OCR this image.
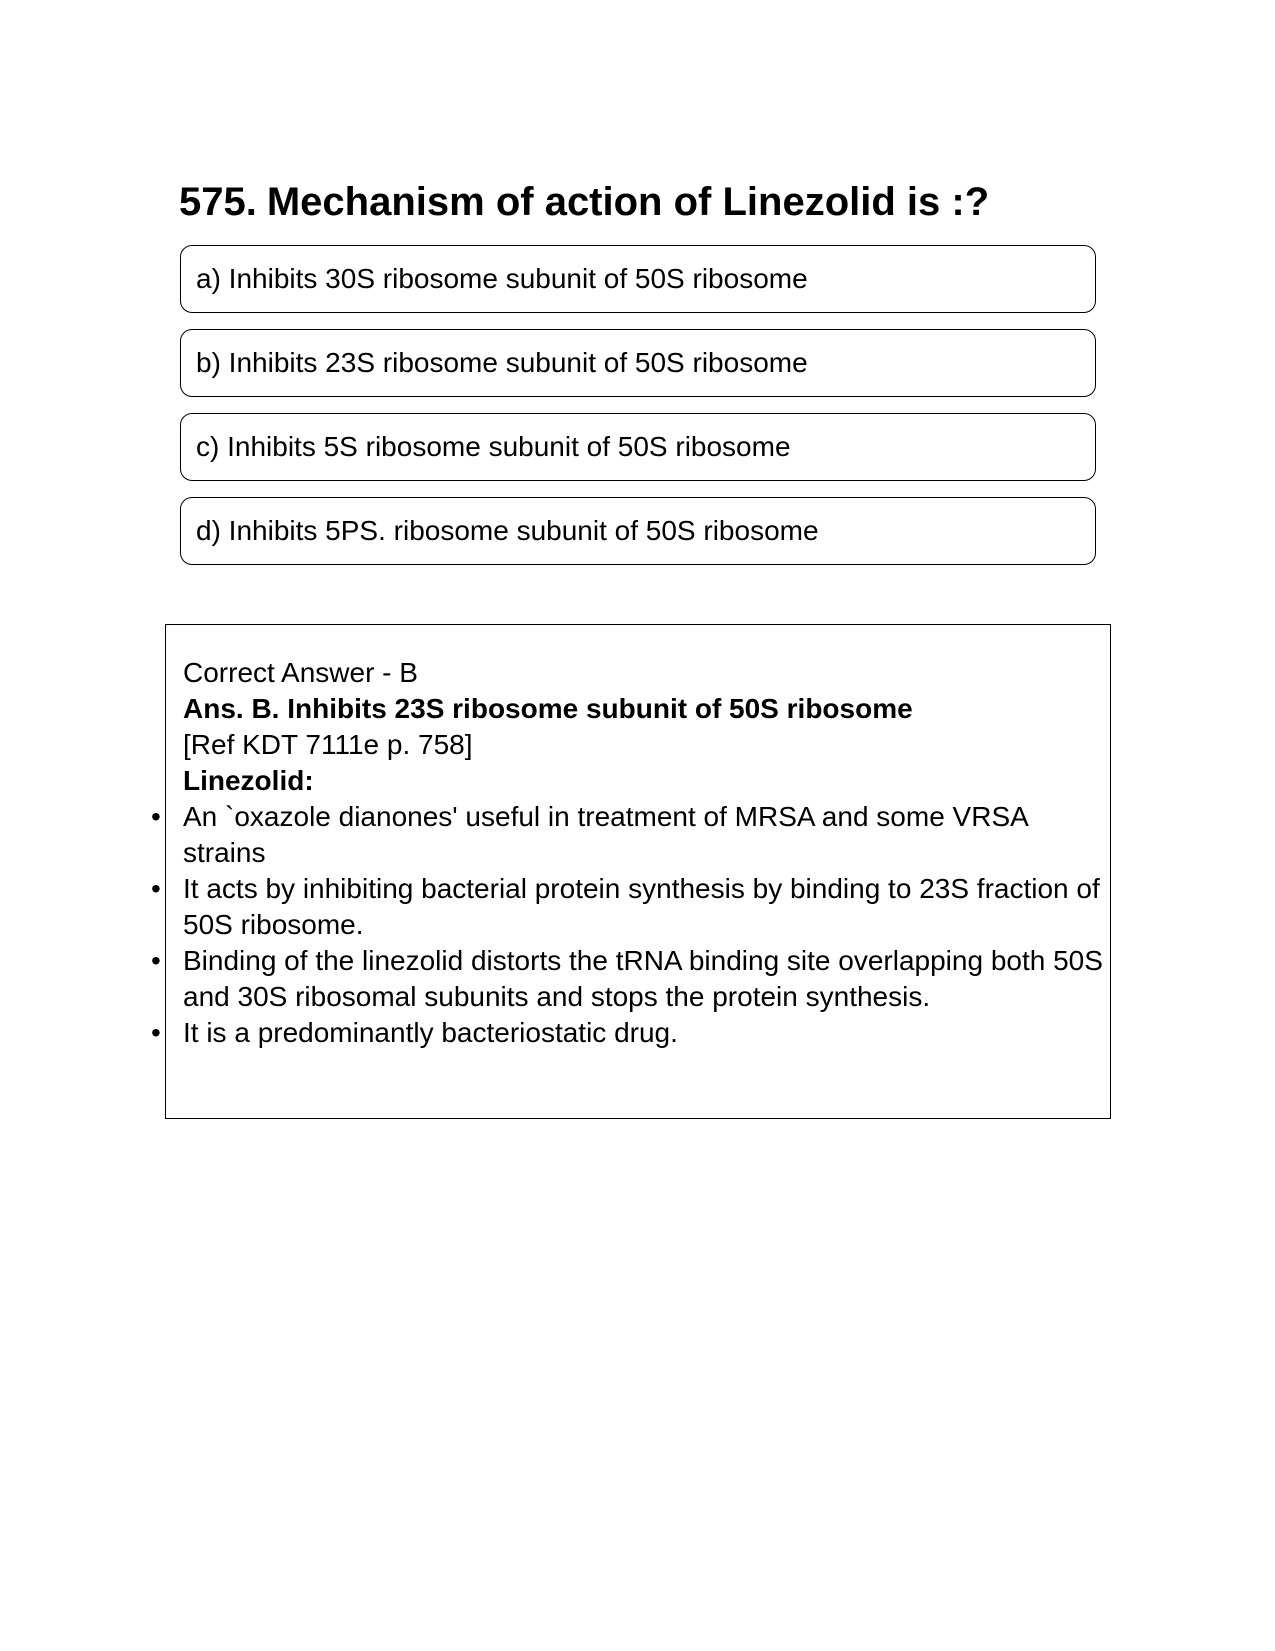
575. Mechanism of action of Linezolid is :?
a) Inhibits 30S ribosome subunit of 50S ribosome
b) Inhibits 23S ribosome subunit of 50S ribosome
c) Inhibits 5S ribosome subunit of 50S ribosome
d) Inhibits 5PS. ribosome subunit of 50S ribosome

Correct Answer - B

Ans. B. Inhibits 23S ribosome subunit of 50S ribosome

[Ref KDT 7111e p. 758]

Linezolid:

• An `oxazole dianones' useful in treatment of MRSA and some VRSA strains
• It acts by inhibiting bacterial protein synthesis by binding to 23S fraction of 50S ribosome.
• Binding of the linezolid distorts the tRNA binding site overlapping both 50S and 30S ribosomal subunits and stops the protein synthesis.
• It is a predominantly bacteriostatic drug.
